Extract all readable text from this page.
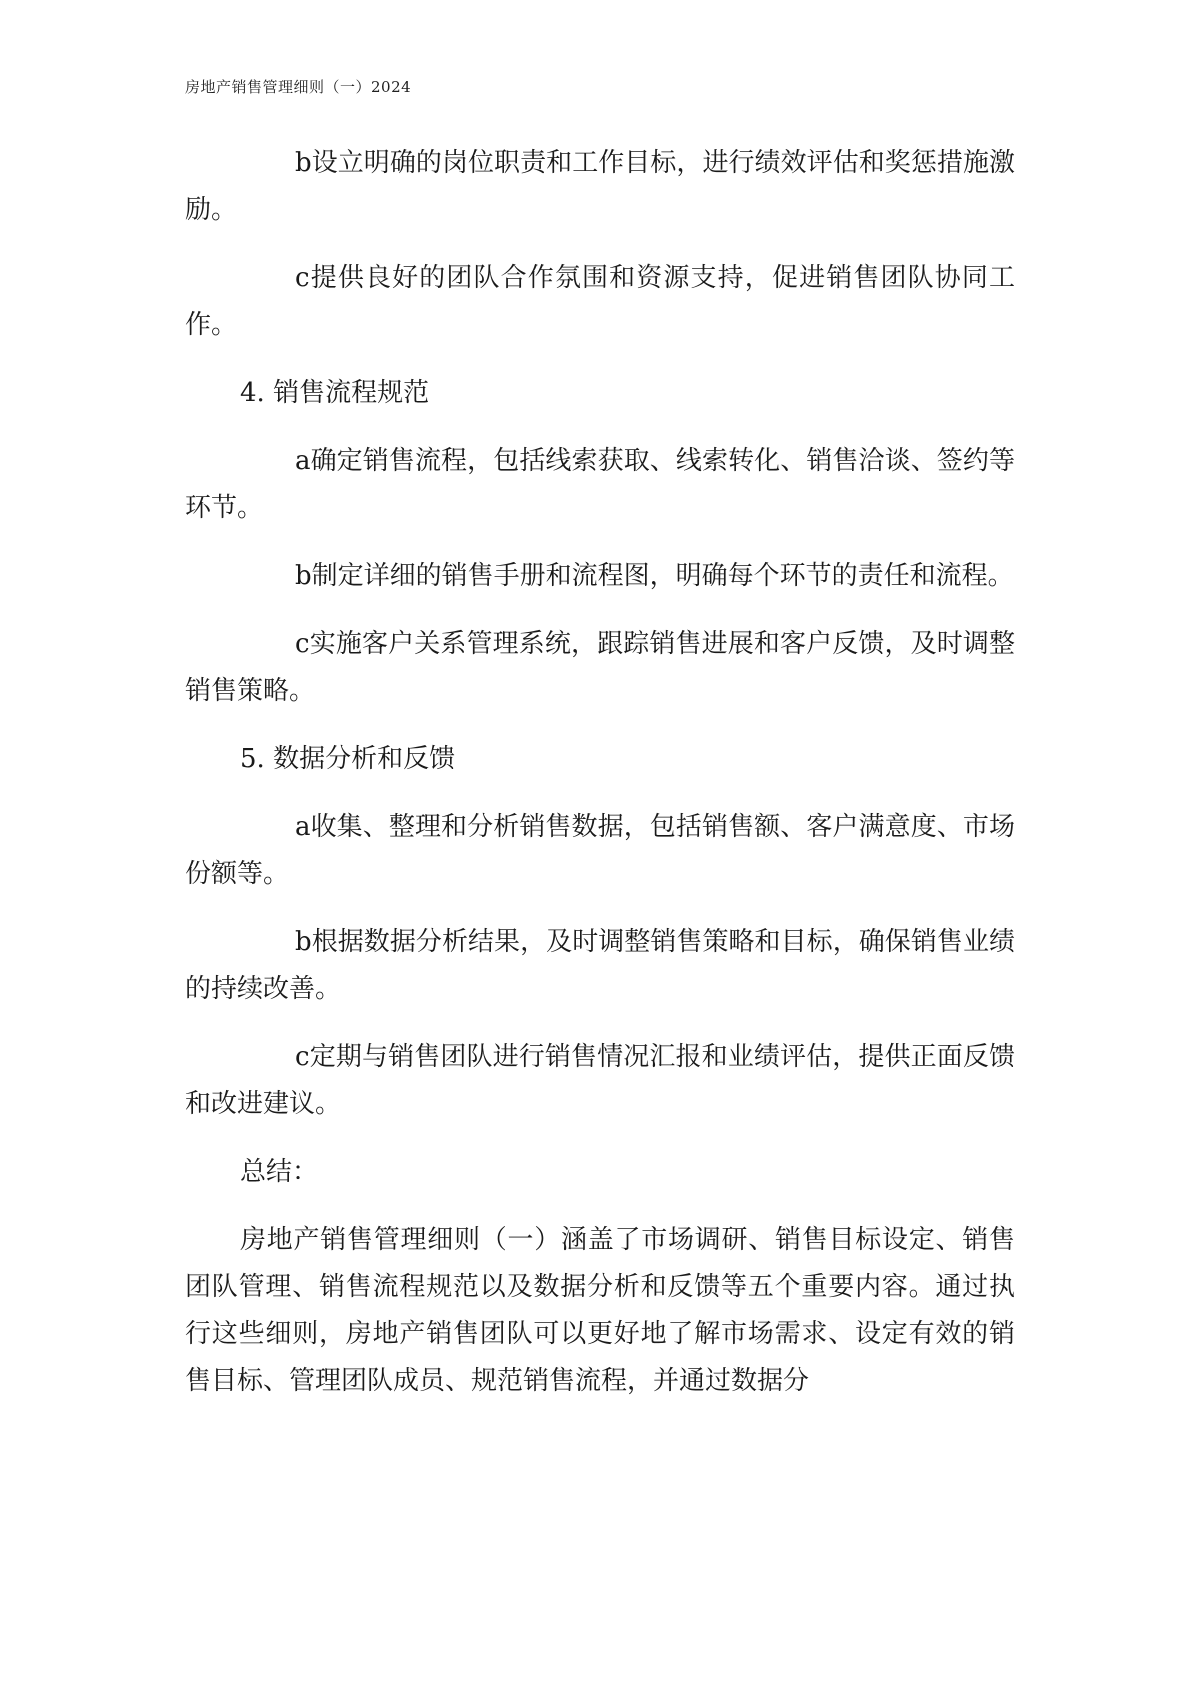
房地产销售管理细则（一）2024

b设立明确的岗位职责和工作目标，进行绩效评估和奖惩措施激励。

c提供良好的团队合作氛围和资源支持，促进销售团队协同工作。

4. 销售流程规范

a确定销售流程，包括线索获取、线索转化、销售洽谈、签约等环节。

b制定详细的销售手册和流程图，明确每个环节的责任和流程。

c实施客户关系管理系统，跟踪销售进展和客户反馈，及时调整销售策略。

5. 数据分析和反馈

a收集、整理和分析销售数据，包括销售额、客户满意度、市场份额等。

b根据数据分析结果，及时调整销售策略和目标，确保销售业绩的持续改善。

c定期与销售团队进行销售情况汇报和业绩评估，提供正面反馈和改进建议。

总结：

房地产销售管理细则（一）涵盖了市场调研、销售目标设定、销售团队管理、销售流程规范以及数据分析和反馈等五个重要内容。通过执行这些细则，房地产销售团队可以更好地了解市场需求、设定有效的销售目标、管理团队成员、规范销售流程，并通过数据分
